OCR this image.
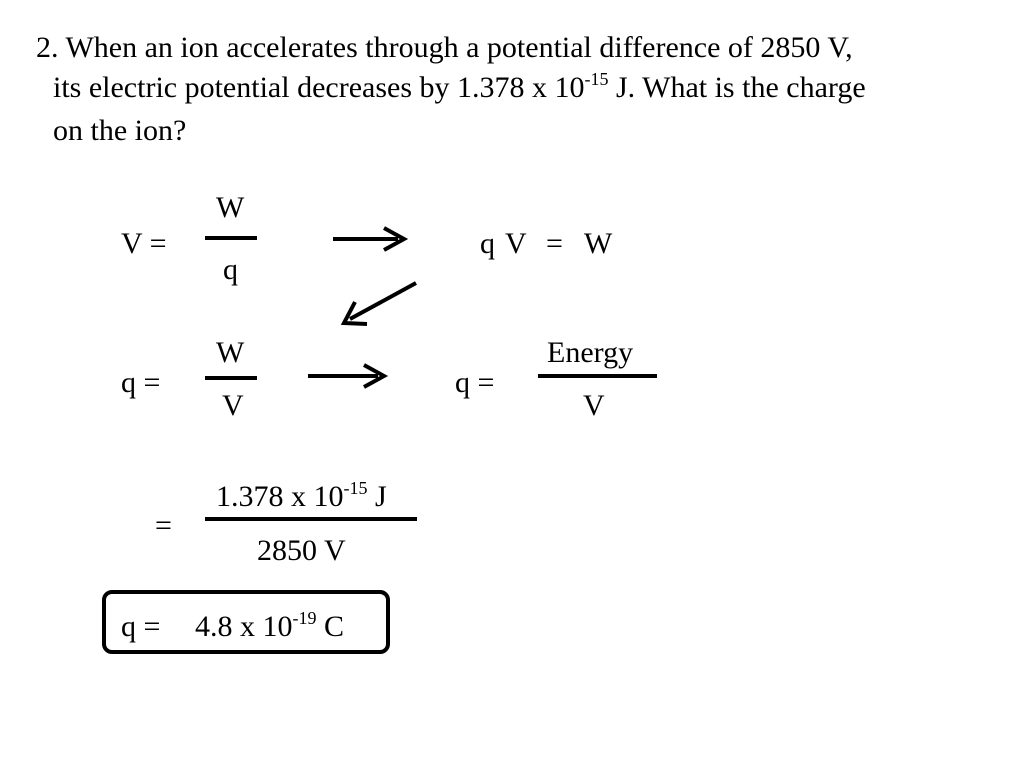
2. When an ion accelerates through a potential difference of 2850 V,
its electric potential decreases by 1.378 x $10^{-15}$ J. What is the charge
on the ion?
V =
W
q
q V = W
q =
W
V
q =
Energy
V
=
1.378 x $10^{-15}$ J
2850 V
q = 4.8 x $10^{-19}$ C
